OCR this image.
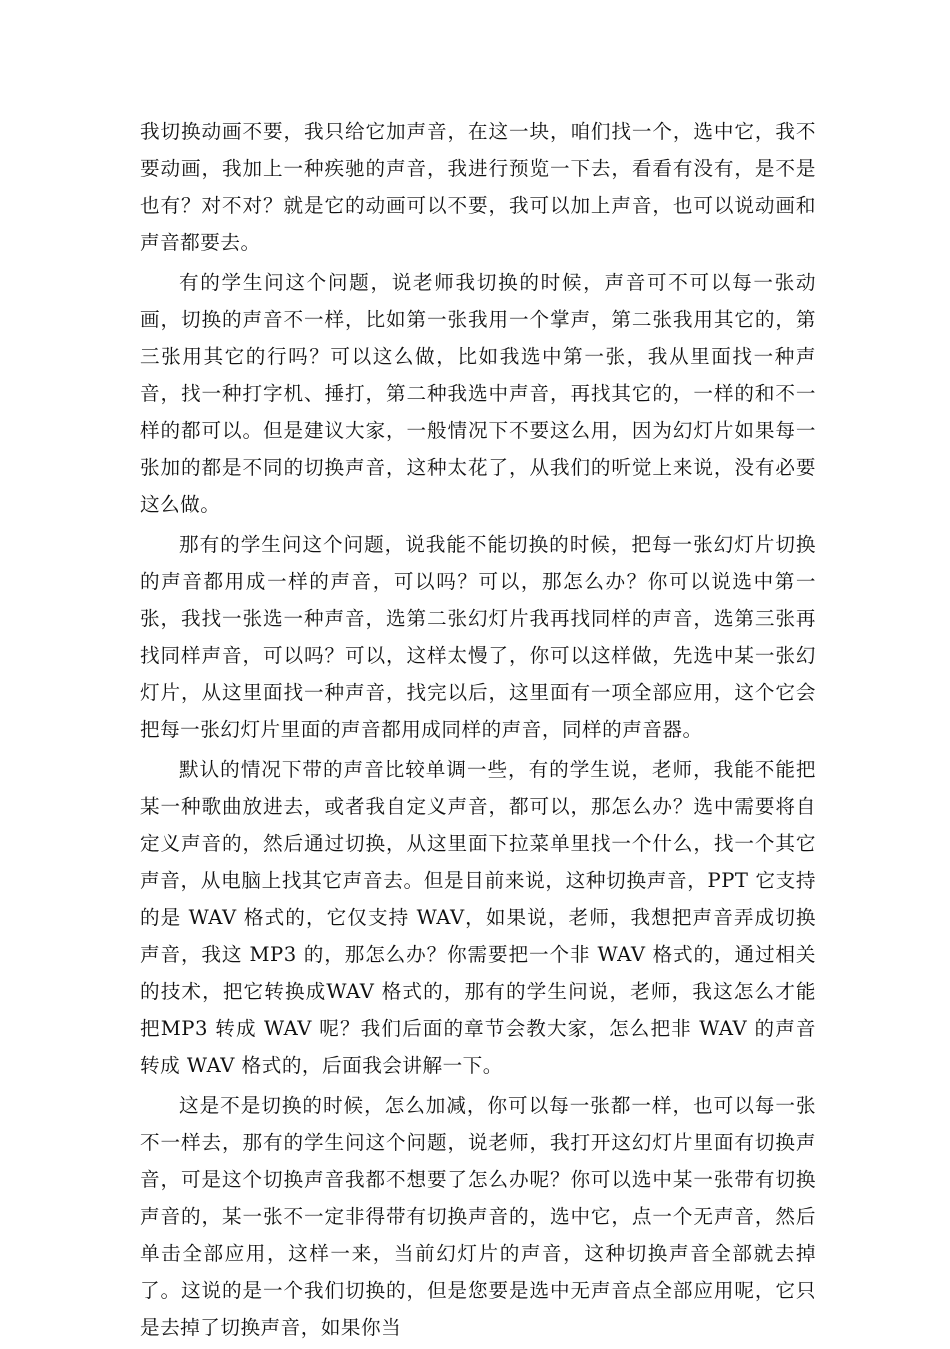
我切换动画不要，我只给它加声音，在这一块，咱们找一个，选中它，我不要动画，我加上一种疾驰的声音，我进行预览一下去，看看有没有，是不是也有？对不对？就是它的动画可以不要，我可以加上声音，也可以说动画和声音都要去。

有的学生问这个问题，说老师我切换的时候，声音可不可以每一张动画，切换的声音不一样，比如第一张我用一个掌声，第二张我用其它的，第三张用其它的行吗？可以这么做，比如我选中第一张，我从里面找一种声音，找一种打字机、捶打，第二种我选中声音，再找其它的，一样的和不一样的都可以。但是建议大家，一般情况下不要这么用，因为幻灯片如果每一张加的都是不同的切换声音，这种太花了，从我们的听觉上来说，没有必要这么做。

那有的学生问这个问题，说我能不能切换的时候，把每一张幻灯片切换的声音都用成一样的声音，可以吗？可以，那怎么办？你可以说选中第一张，我找一张选一种声音，选第二张幻灯片我再找同样的声音，选第三张再找同样声音，可以吗？可以，这样太慢了，你可以这样做，先选中某一张幻灯片，从这里面找一种声音，找完以后，这里面有一项全部应用，这个它会把每一张幻灯片里面的声音都用成同样的声音，同样的声音器。

默认的情况下带的声音比较单调一些，有的学生说，老师，我能不能把某一种歌曲放进去，或者我自定义声音，都可以，那怎么办？选中需要将自定义声音的，然后通过切换，从这里面下拉菜单里找一个什么，找一个其它声音，从电脑上找其它声音去。但是目前来说，这种切换声音，PPT 它支持的是 WAV 格式的，它仅支持 WAV，如果说，老师，我想把声音弄成切换声音，我这 MP3 的，那怎么办？你需要把一个非 WAV 格式的，通过相关的技术，把它转换成WAV 格式的，那有的学生问说，老师，我这怎么才能把MP3 转成 WAV 呢？我们后面的章节会教大家，怎么把非 WAV 的声音转成 WAV 格式的，后面我会讲解一下。

这是不是切换的时候，怎么加减，你可以每一张都一样，也可以每一张不一样去，那有的学生问这个问题，说老师，我打开这幻灯片里面有切换声音，可是这个切换声音我都不想要了怎么办呢？你可以选中某一张带有切换声音的，某一张不一定非得带有切换声音的，选中它，点一个无声音，然后单击全部应用，这样一来，当前幻灯片的声音，这种切换声音全部就去掉了。这说的是一个我们切换的，但是您要是选中无声音点全部应用呢，它只是去掉了切换声音，如果你当
